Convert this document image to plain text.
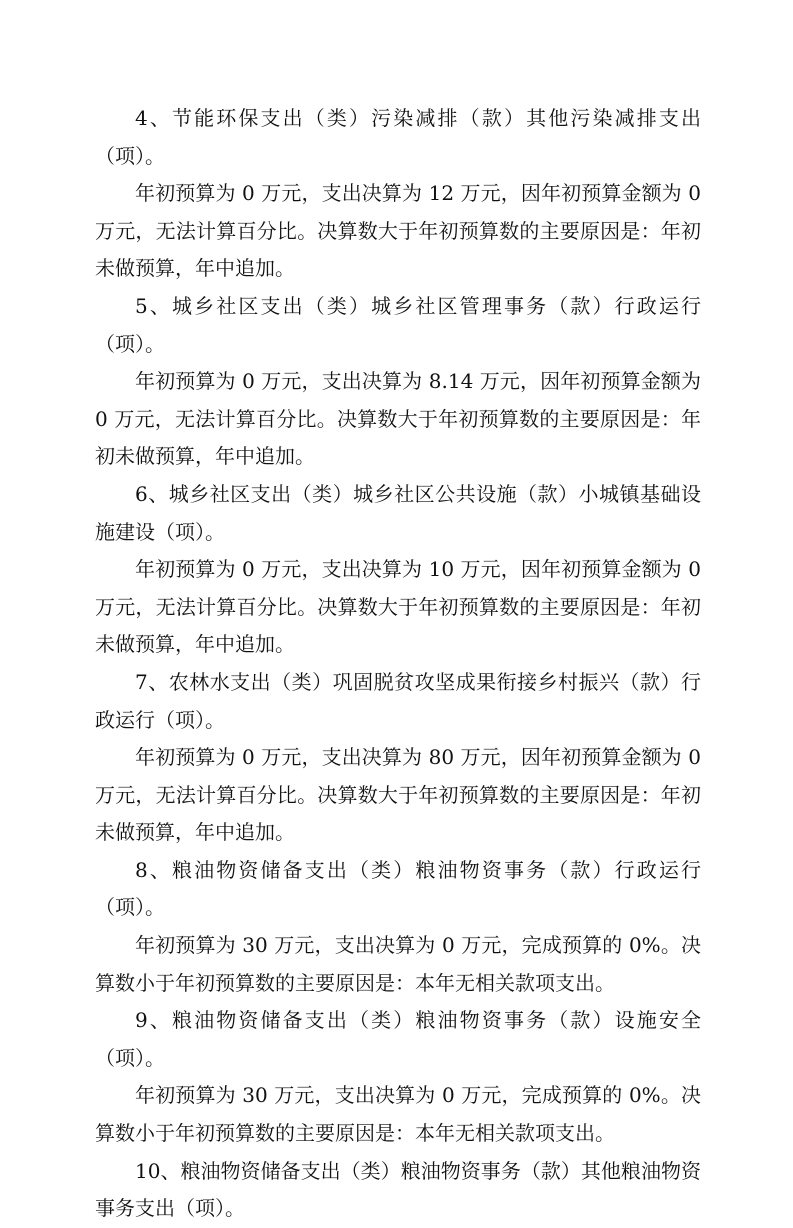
4、节能环保支出（类）污染减排（款）其他污染减排支出（项）。

年初预算为 0 万元，支出决算为 12 万元，因年初预算金额为 0 万元，无法计算百分比。决算数大于年初预算数的主要原因是：年初未做预算，年中追加。

5、城乡社区支出（类）城乡社区管理事务（款）行政运行（项）。

年初预算为 0 万元，支出决算为 8.14 万元，因年初预算金额为 0 万元，无法计算百分比。决算数大于年初预算数的主要原因是：年初未做预算，年中追加。

6、城乡社区支出（类）城乡社区公共设施（款）小城镇基础设施建设（项）。

年初预算为 0 万元，支出决算为 10 万元，因年初预算金额为 0 万元，无法计算百分比。决算数大于年初预算数的主要原因是：年初未做预算，年中追加。

7、农林水支出（类）巩固脱贫攻坚成果衔接乡村振兴（款）行政运行（项）。

年初预算为 0 万元，支出决算为 80 万元，因年初预算金额为 0 万元，无法计算百分比。决算数大于年初预算数的主要原因是：年初未做预算，年中追加。

8、粮油物资储备支出（类）粮油物资事务（款）行政运行（项）。

年初预算为 30 万元，支出决算为 0 万元，完成预算的 0%。决算数小于年初预算数的主要原因是：本年无相关款项支出。

9、粮油物资储备支出（类）粮油物资事务（款）设施安全（项）。

年初预算为 30 万元，支出决算为 0 万元，完成预算的 0%。决算数小于年初预算数的主要原因是：本年无相关款项支出。

10、粮油物资储备支出（类）粮油物资事务（款）其他粮油物资事务支出（项）。
